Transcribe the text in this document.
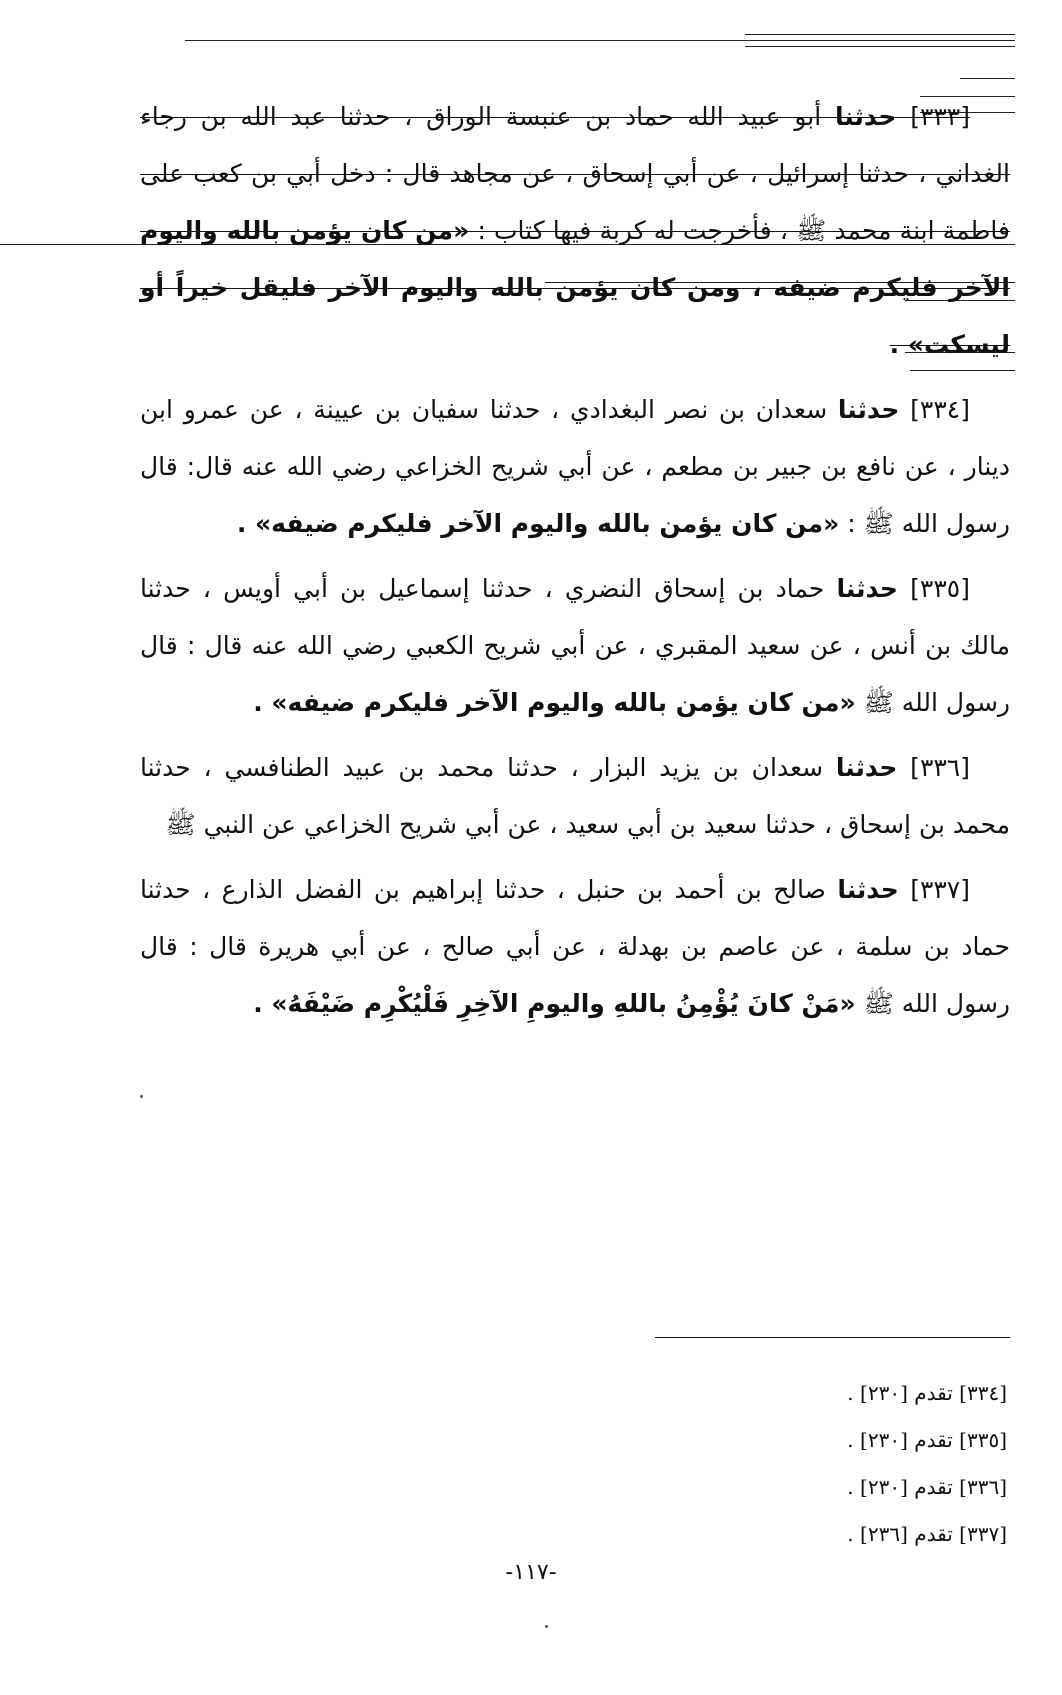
[٣٣٣] حدثنا أبو عبيد الله حماد بن عنبسة الوراق ، حدثنا عبد الله بن رجاء الغداني ، حدثنا إسرائيل ، عن أبي إسحاق ، عن مجاهد قال : دخل أبي بن كعب على فاطمة ابنة محمد ﷺ ، فأخرجت له كربة فيها كتاب : «من كان يؤمن بالله واليوم الآخر فليكرم ضيفه ، ومن كان يؤمن بالله واليوم الآخر فليقل خيراً أو ليسكت» .

[٣٣٤] حدثنا سعدان بن نصر البغدادي ، حدثنا سفيان بن عيينة ، عن عمرو ابن دينار ، عن نافع بن جبير بن مطعم ، عن أبي شريح الخزاعي رضي الله عنه قال: قال رسول الله ﷺ : «من كان يؤمن بالله واليوم الآخر فليكرم ضيفه» .

[٣٣٥] حدثنا حماد بن إسحاق النضري ، حدثنا إسماعيل بن أبي أويس ، حدثنا مالك بن أنس ، عن سعيد المقبري ، عن أبي شريح الكعبي رضي الله عنه قال : قال رسول الله ﷺ «من كان يؤمن بالله واليوم الآخر فليكرم ضيفه» .

[٣٣٦] حدثنا سعدان بن يزيد البزار ، حدثنا محمد بن عبيد الطنافسي ، حدثنا محمد بن إسحاق ، حدثنا سعيد بن أبي سعيد ، عن أبي شريح الخزاعي عن النبي ﷺ

[٣٣٧] حدثنا صالح بن أحمد بن حنبل ، حدثنا إبراهيم بن الفضل الذارع ، حدثنا حماد بن سلمة ، عن عاصم بن بهدلة ، عن أبي صالح ، عن أبي هريرة قال : قال رسول الله ﷺ «مَنْ كانَ يُؤْمِنُ باللهِ واليومِ الآخِرِ فَلْيُكْرِم ضَيْفَهُ» .

[٣٣٤] تقدم [٢٣٠] .

[٣٣٥] تقدم [٢٣٠] .

[٣٣٦] تقدم [٢٣٠] .

[٣٣٧] تقدم [٢٣٦] .

-١١٧-
